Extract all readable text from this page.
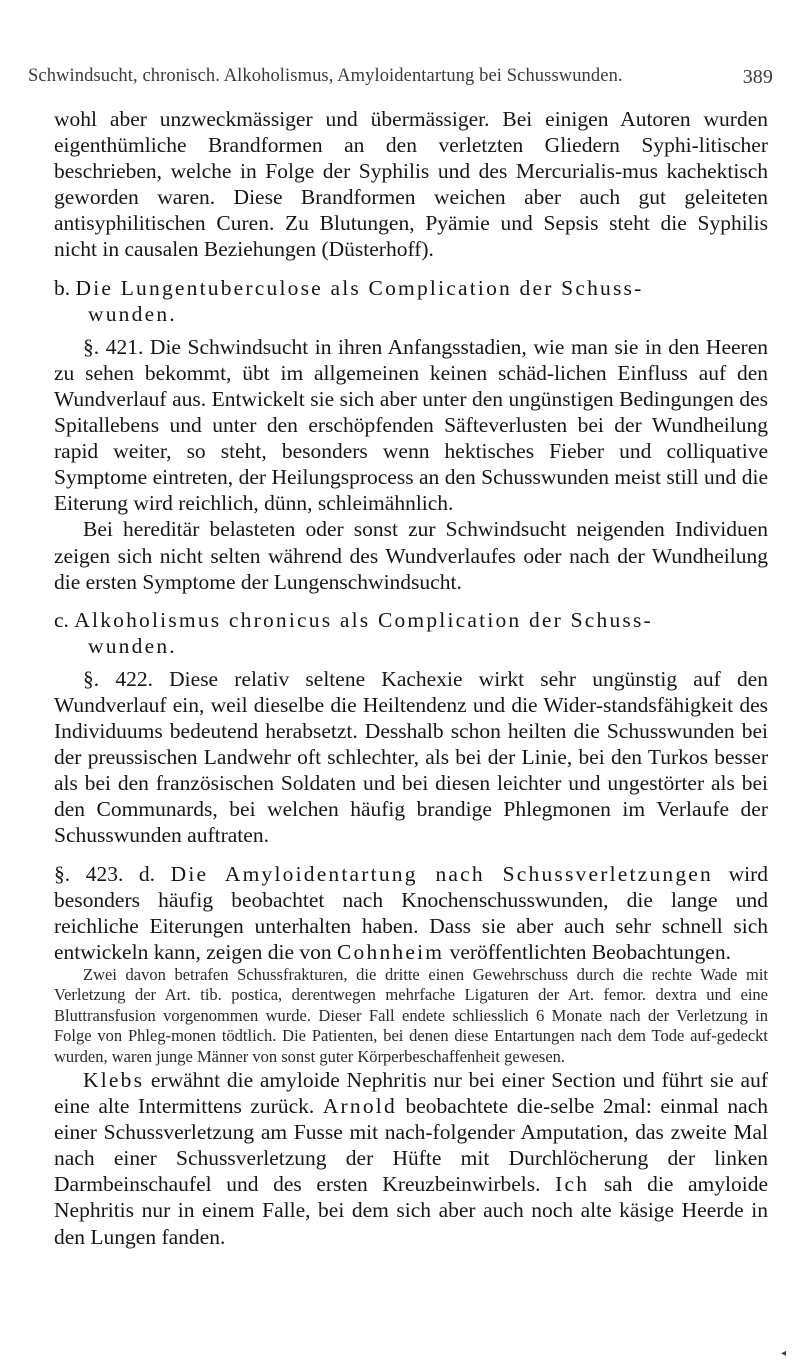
Schwindsucht, chronisch. Alkoholismus, Amyloidentartung bei Schusswunden.	389

wohl aber unzweckmässiger und übermässiger. Bei einigen Autoren wurden eigenthümliche Brandformen an den verletzten Gliedern Syphi-litischer beschrieben, welche in Folge der Syphilis und des Mercurialis-mus kachektisch geworden waren. Diese Brandformen weichen aber auch gut geleiteten antisyphilitischen Curen. Zu Blutungen, Pyämie und Sepsis steht die Syphilis nicht in causalen Beziehungen (Düsterhoff).

b. Die Lungentuberculose als Complication der Schuss-

wunden.

§. 421. Die Schwindsucht in ihren Anfangsstadien, wie man sie in den Heeren zu sehen bekommt, übt im allgemeinen keinen schäd-lichen Einfluss auf den Wundverlauf aus. Entwickelt sie sich aber unter den ungünstigen Bedingungen des Spitallebens und unter den erschöpfenden Säfteverlusten bei der Wundheilung rapid weiter, so steht, besonders wenn hektisches Fieber und colliquative Symptome eintreten, der Heilungsprocess an den Schusswunden meist still und die Eiterung wird reichlich, dünn, schleimähnlich.

Bei hereditär belasteten oder sonst zur Schwindsucht neigenden Individuen zeigen sich nicht selten während des Wundverlaufes oder nach der Wundheilung die ersten Symptome der Lungenschwindsucht.

c. Alkoholismus chronicus als Complication der Schuss-

wunden.

§. 422. Diese relativ seltene Kachexie wirkt sehr ungünstig auf den Wundverlauf ein, weil dieselbe die Heiltendenz und die Wider-standsfähigkeit des Individuums bedeutend herabsetzt. Desshalb schon heilten die Schusswunden bei der preussischen Landwehr oft schlechter, als bei der Linie, bei den Turkos besser als bei den französischen Soldaten und bei diesen leichter und ungestörter als bei den Communards, bei welchen häufig brandige Phlegmonen im Verlaufe der Schusswunden auftraten.

§. 423. d. Die Amyloidentartung nach Schussverletzungen wird besonders häufig beobachtet nach Knochenschusswunden, die lange und reichliche Eiterungen unterhalten haben. Dass sie aber auch sehr schnell sich entwickeln kann, zeigen die von Cohnheim veröffentlichten Beobachtungen.

Zwei davon betrafen Schussfrakturen, die dritte einen Gewehrschuss durch die rechte Wade mit Verletzung der Art. tib. postica, derentwegen mehrfache Ligaturen der Art. femor. dextra und eine Bluttransfusion vorgenommen wurde. Dieser Fall endete schliesslich 6 Monate nach der Verletzung in Folge von Phleg-monen tödtlich. Die Patienten, bei denen diese Entartungen nach dem Tode auf-gedeckt wurden, waren junge Männer von sonst guter Körperbeschaffenheit gewesen.

Klebs erwähnt die amyloide Nephritis nur bei einer Section und führt sie auf eine alte Intermittens zurück. Arnold beobachtete die-selbe 2mal: einmal nach einer Schussverletzung am Fusse mit nach-folgender Amputation, das zweite Mal nach einer Schussverletzung der Hüfte mit Durchlöcherung der linken Darmbeinschaufel und des ersten Kreuzbeinwirbels. Ich sah die amyloide Nephritis nur in einem Falle, bei dem sich aber auch noch alte käsige Heerde in den Lungen fanden.

◂
